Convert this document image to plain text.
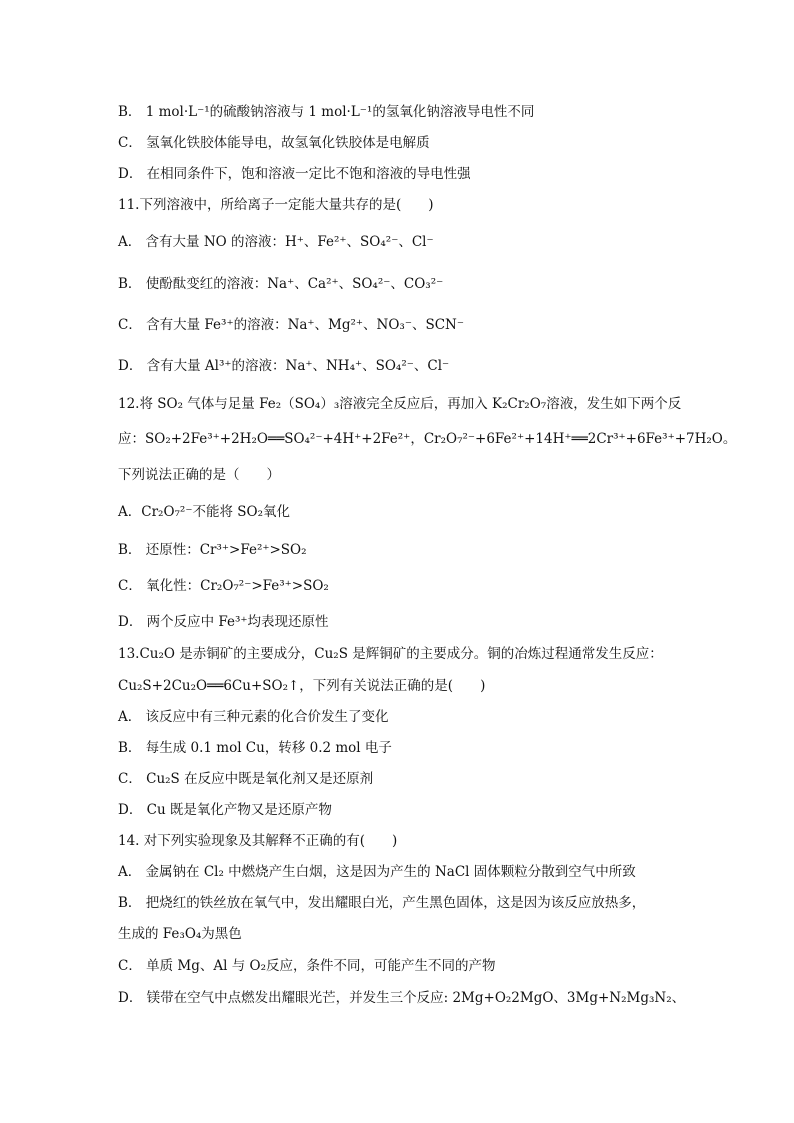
B． 1 mol·L⁻¹的硫酸钠溶液与 1 mol·L⁻¹的氢氧化钠溶液导电性不同
C． 氢氧化铁胶体能导电，故氢氧化铁胶体是电解质
D． 在相同条件下，饱和溶液一定比不饱和溶液的导电性强
11.下列溶液中，所给离子一定能大量共存的是(　　)
A． 含有大量 NO 的溶液：H⁺、Fe²⁺、SO₄²⁻、Cl⁻
B． 使酚酞变红的溶液：Na⁺、Ca²⁺、SO₄²⁻、CO₃²⁻
C． 含有大量 Fe³⁺的溶液：Na⁺、Mg²⁺、NO₃⁻、SCN⁻
D． 含有大量 Al³⁺的溶液：Na⁺、NH₄⁺、SO₄²⁻、Cl⁻
12.将 SO₂ 气体与足量 Fe₂（SO₄）₃溶液完全反应后，再加入 K₂Cr₂O₇溶液，发生如下两个反
应：SO₂+2Fe³⁺+2H₂O══SO₄²⁻+4H⁺+2Fe²⁺，Cr₂O₇²⁻+6Fe²⁺+14H⁺══2Cr³⁺+6Fe³⁺+7H₂O。
下列说法正确的是（　　）
A．Cr₂O₇²⁻不能将 SO₂氧化
B． 还原性：Cr³⁺>Fe²⁺>SO₂
C． 氧化性：Cr₂O₇²⁻>Fe³⁺>SO₂
D． 两个反应中 Fe³⁺均表现还原性
13.Cu₂O 是赤铜矿的主要成分，Cu₂S 是辉铜矿的主要成分。铜的冶炼过程通常发生反应：
Cu₂S+2Cu₂O══6Cu+SO₂↑，下列有关说法正确的是(　　)
A． 该反应中有三种元素的化合价发生了变化
B． 每生成 0.1 mol Cu，转移 0.2 mol 电子
C． Cu₂S 在反应中既是氧化剂又是还原剂
D． Cu 既是氧化产物又是还原产物
14. 对下列实验现象及其解释不正确的有(　　)
A． 金属钠在 Cl₂ 中燃烧产生白烟，这是因为产生的 NaCl 固体颗粒分散到空气中所致
B． 把烧红的铁丝放在氧气中，发出耀眼白光，产生黑色固体，这是因为该反应放热多，
生成的 Fe₃O₄为黑色
C． 单质 Mg、Al 与 O₂反应，条件不同，可能产生不同的产物
D． 镁带在空气中点燃发出耀眼光芒，并发生三个反应: 2Mg+O₂2MgO、3Mg+N₂Mg₃N₂、
